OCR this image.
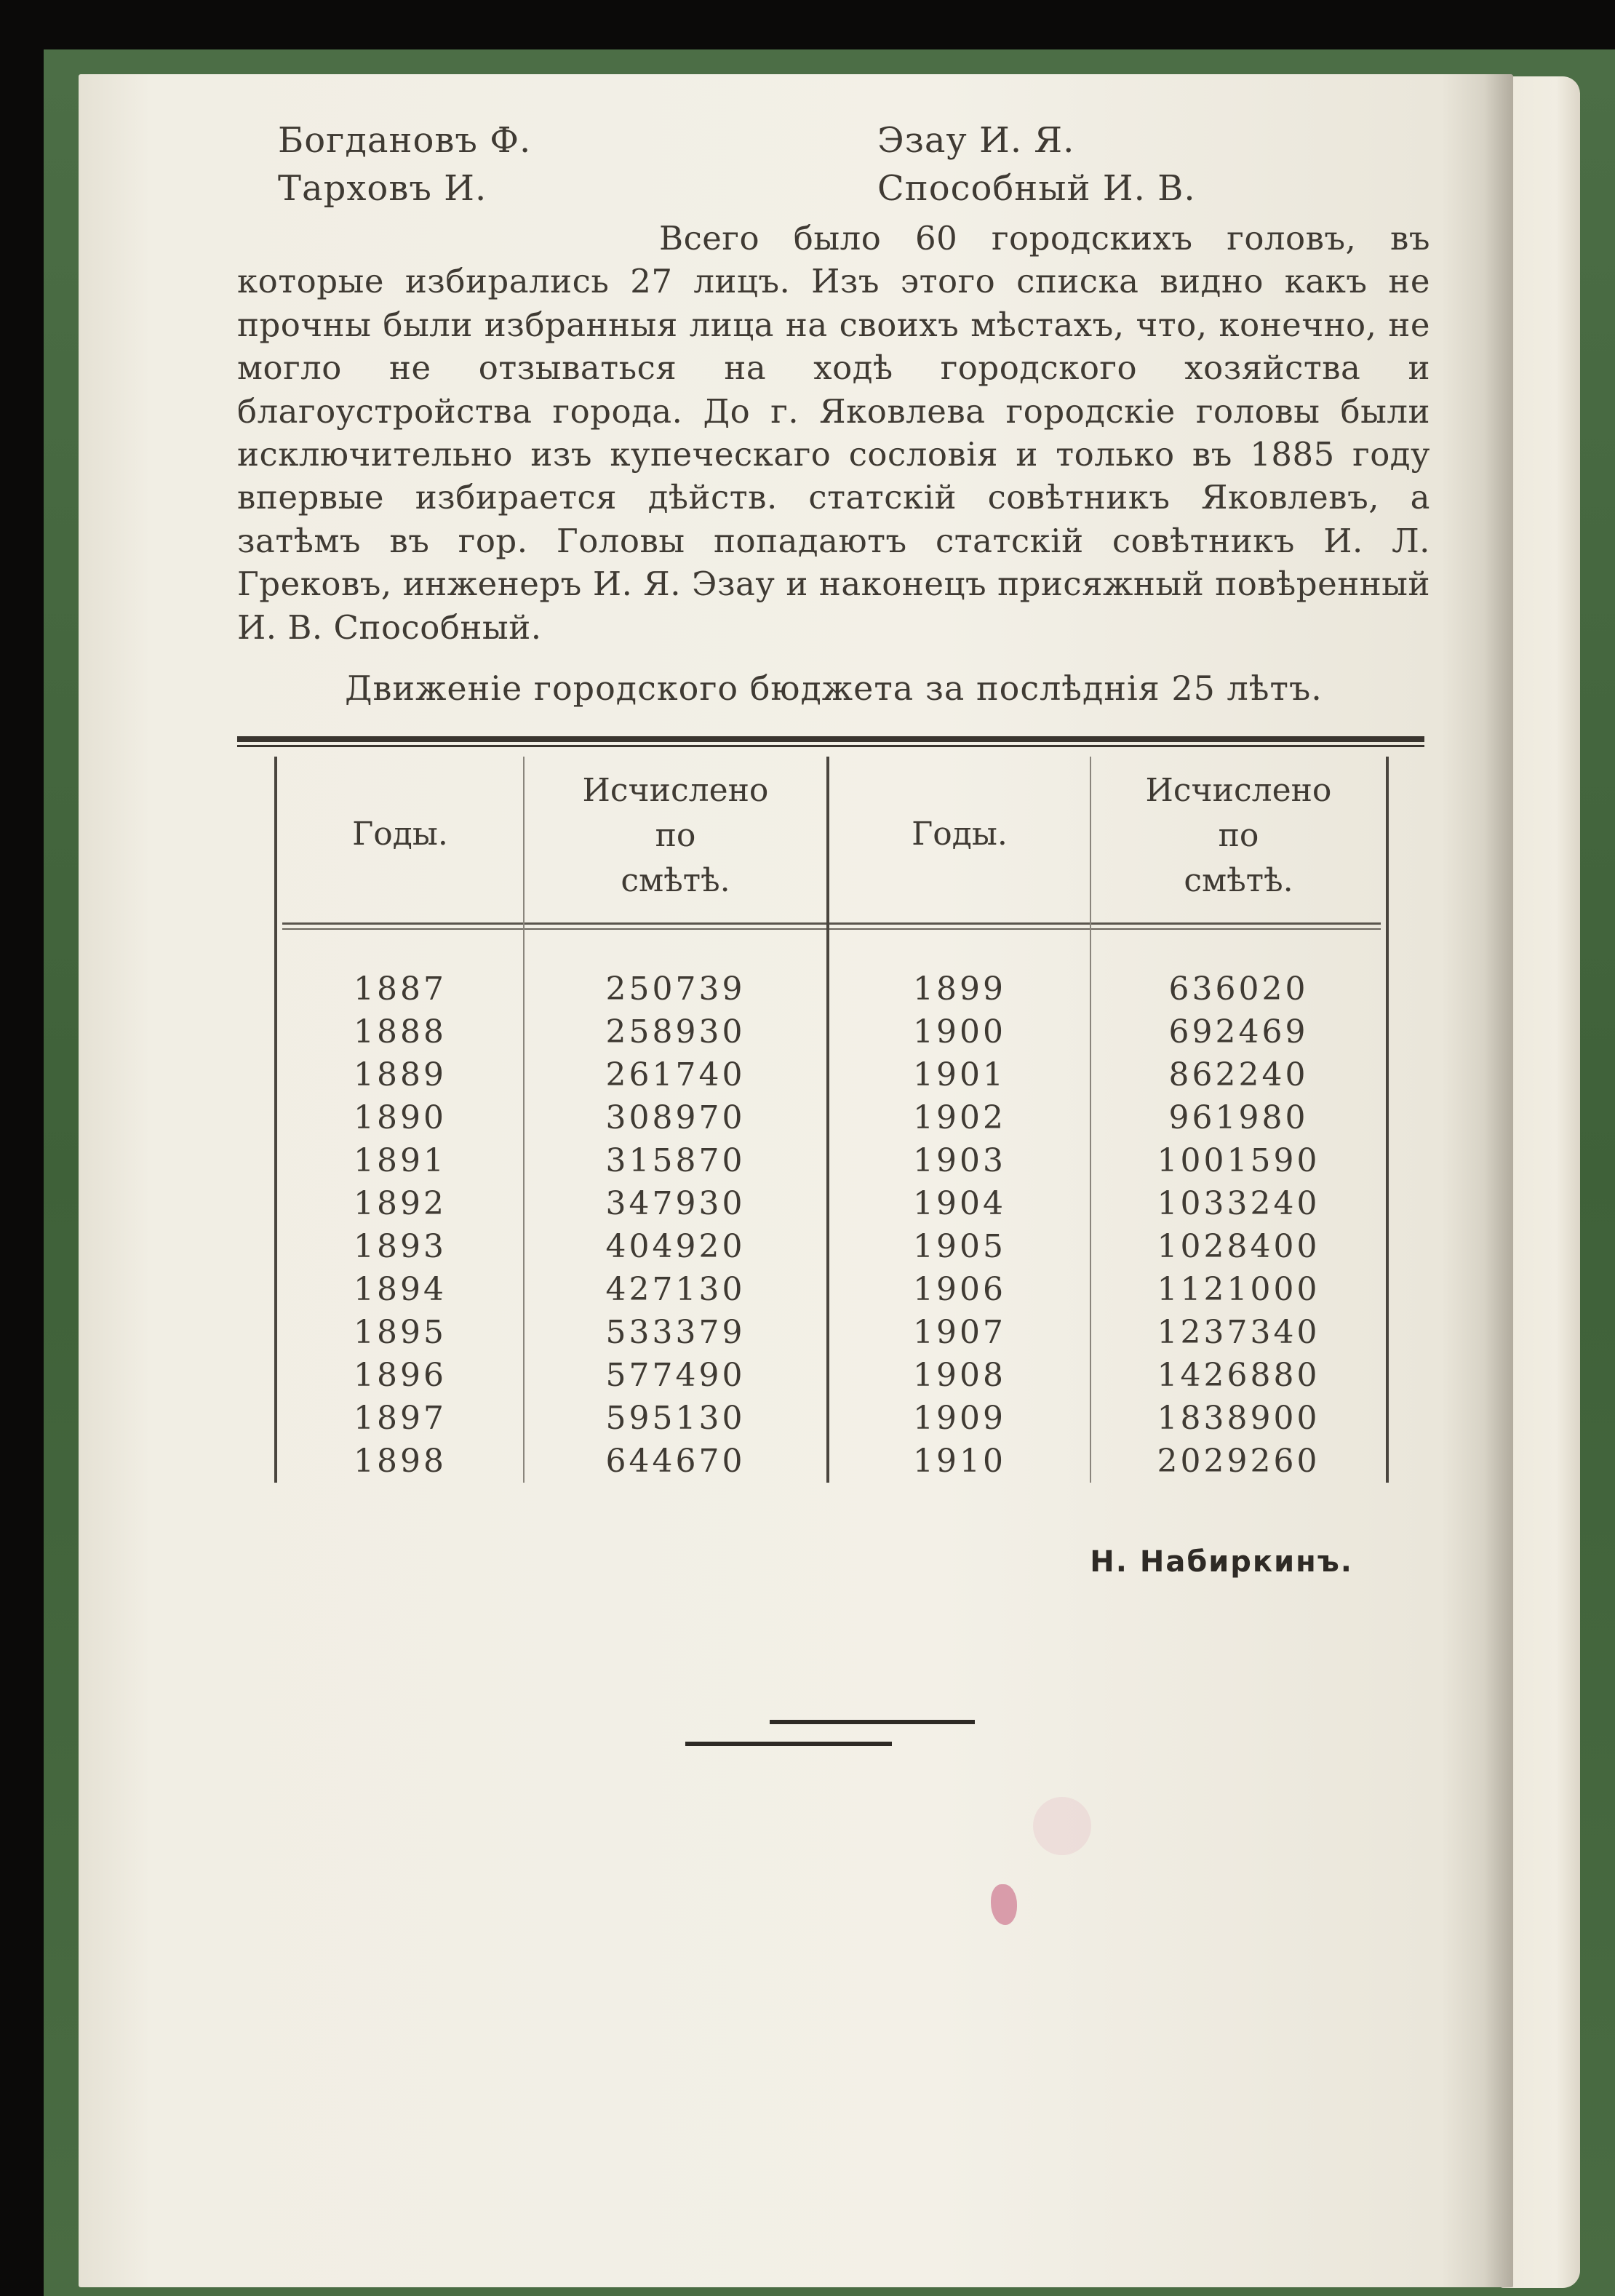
Богдановъ Ф.
Тарховъ И.
Эзау И. Я.
Способный И. В.
Всего было 60 городскихъ головъ, въ которые избирались 27 лицъ. Изъ этого списка видно какъ не прочны были избранныя лица на своихъ мѣстахъ, что, конечно, не могло не отзываться на ходѣ городского хозяйства и благоустройства города. До г. Яковлева городскіе головы были исключительно изъ купеческаго сословія и только въ 1885 году впервые избирается дѣйств. статскій совѣтникъ Яковлевъ, а затѣмъ въ гор. Головы попадаютъ статскій совѣтникъ И. Л. Грековъ, инженеръ И. Я. Эзау и наконецъ присяжный повѣренный И. В. Способный.
Движеніе городского бюджета за послѣднія 25 лѣтъ.
Годы.
Исчислено
по
смѣтѣ.
Годы.
Исчислено
по
смѣтѣ.
1887
1888
1889
1890
1891
1892
1893
1894
1895
1896
1897
1898
250739
258930
261740
308970
315870
347930
404920
427130
533379
577490
595130
644670
1899
1900
1901
1902
1903
1904
1905
1906
1907
1908
1909
1910
636020
692469
862240
961980
1001590
1033240
1028400
1121000
1237340
1426880
1838900
2029260
Н. Набиркинъ.
